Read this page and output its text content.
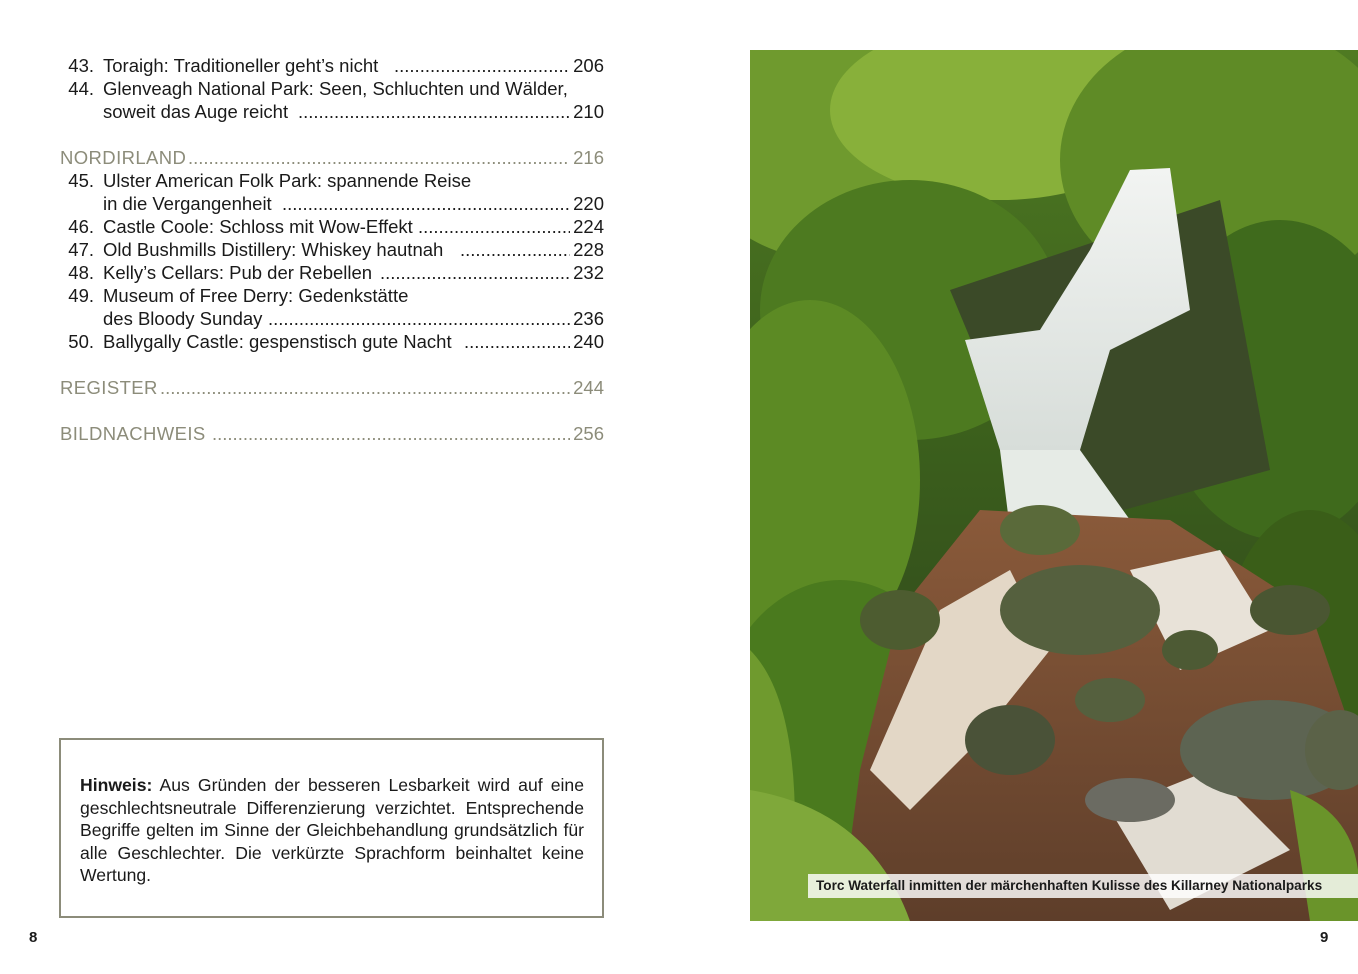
43. ..... Toraigh: Traditioneller geht’s nicht	206
44. Glenveagh National Park: Seen, Schluchten und Wälder,
.....
soweit das Auge reicht	210
.....
NORDIRLAND	216
45. Ulster American Folk Park: spannende Reise
.....
in die Vergangenheit	220
46. ..... Castle Coole: Schloss mit Wow-Effekt	224
47. ..... Old Bushmills Distillery: Whiskey hautnah	228
48. ..... Kelly’s Cellars: Pub der Rebellen	232
49. Museum of Free Derry: Gedenkstätte
.....
des Bloody Sunday	236
50. ..... Ballygally Castle: gespenstisch gute Nacht	240
.....
REGISTER	244
.....
BILDNACHWEIS	256
Hinweis: Aus Gründen der besseren Lesbarkeit wird auf eine geschlechtsneutrale Differenzierung verzichtet. Entsprechende Begriffe gelten im Sinne der Gleichbehandlung grundsätzlich für alle Geschlechter. Die verkürzte Sprachform beinhaltet keine Wertung.
Torc Waterfall inmitten der märchenhaften Kulisse des Killarney Nationalparks
8	9
